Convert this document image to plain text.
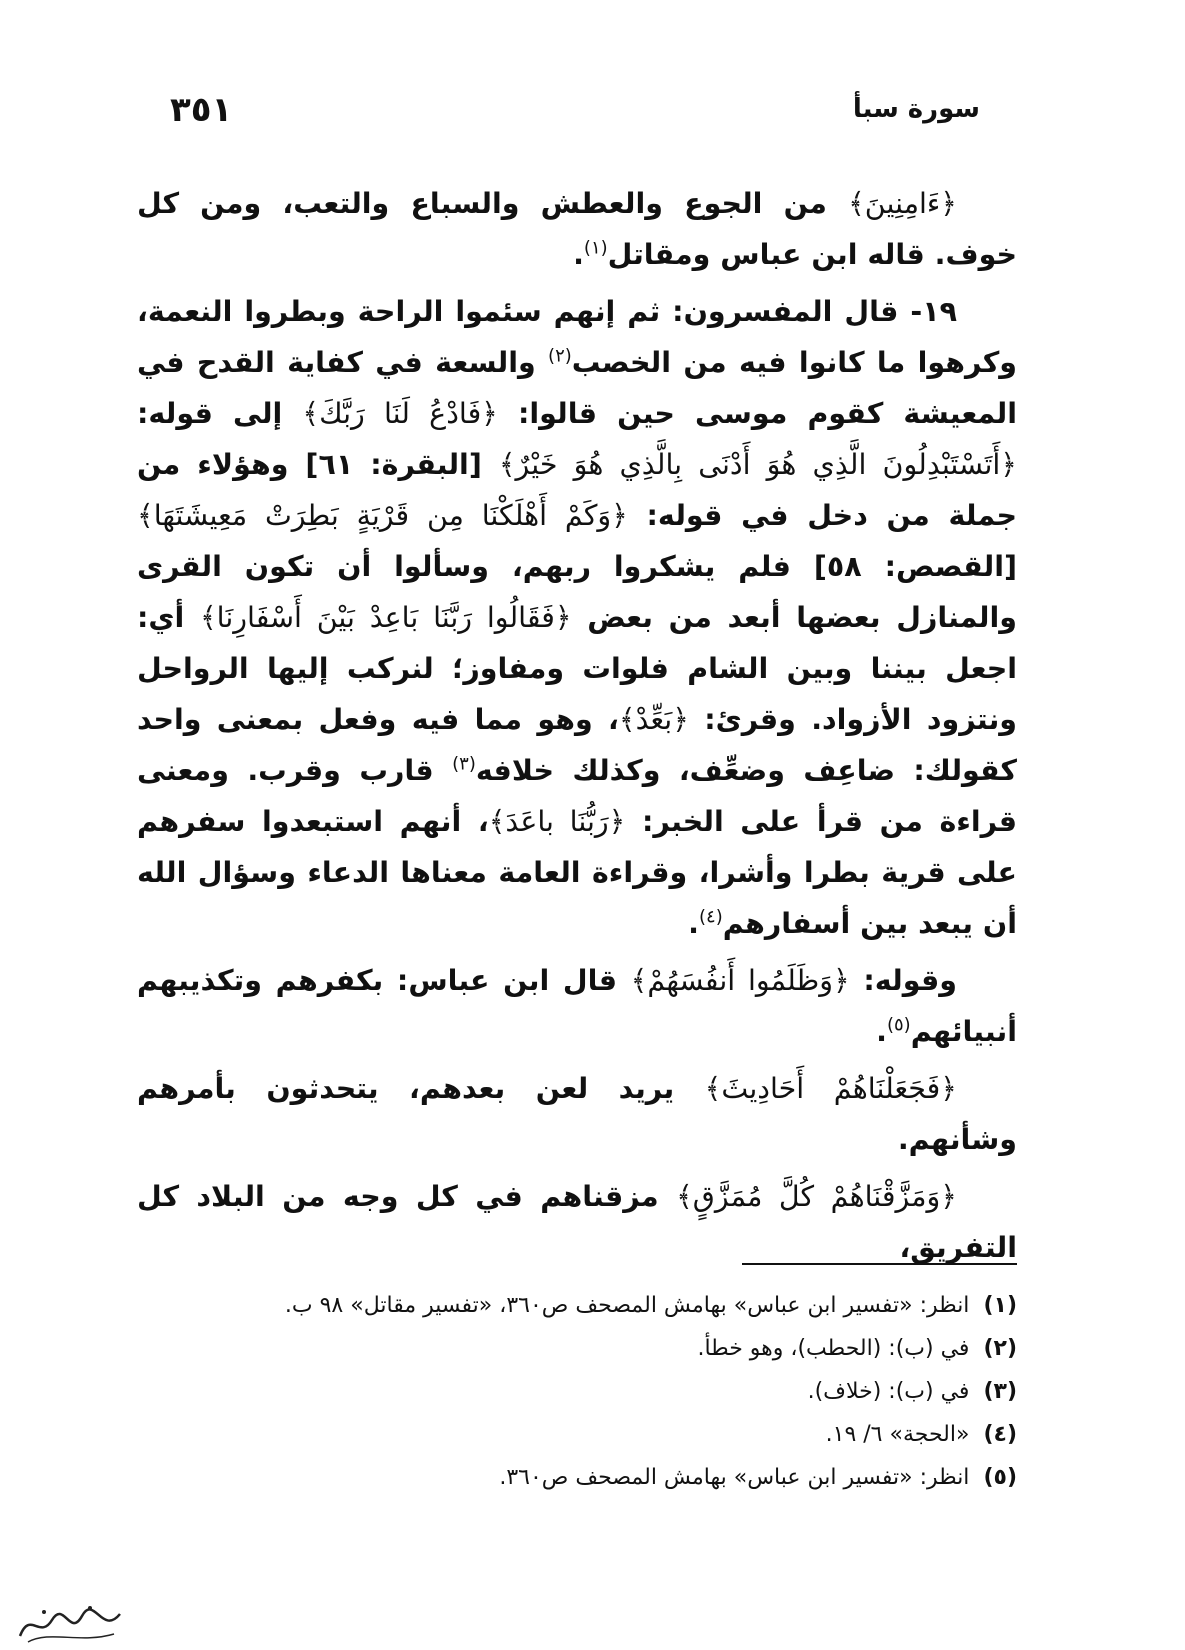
٣٥١	سورة سبأ

﴿ءَامِنِينَ﴾ من الجوع والعطش والسباع والتعب، ومن كل خوف. قاله ابن عباس ومقاتل$^{(١)}$.

١٩- قال المفسرون: ثم إنهم سئموا الراحة وبطروا النعمة، وكرهوا ما كانوا فيه من الخصب$^{(٢)}$ والسعة في كفاية القدح في المعيشة كقوم موسى حين قالوا: ﴿فَادْعُ لَنَا رَبَّكَ﴾ إلى قوله: ﴿أَتَسْتَبْدِلُونَ الَّذِي هُوَ أَدْنَى بِالَّذِي هُوَ خَيْرٌ﴾ [البقرة: ٦١] وهؤلاء من جملة من دخل في قوله: ﴿وَكَمْ أَهْلَكْنَا مِن قَرْيَةٍ بَطِرَتْ مَعِيشَتَهَا﴾ [القصص: ٥٨] فلم يشكروا ربهم، وسألوا أن تكون القرى والمنازل بعضها أبعد من بعض ﴿فَقَالُوا رَبَّنَا بَاعِدْ بَيْنَ أَسْفَارِنَا﴾ أي: اجعل بيننا وبين الشام فلوات ومفاوز؛ لنركب إليها الرواحل ونتزود الأزواد. وقرئ: ﴿بَعِّدْ﴾، وهو مما فيه وفعل بمعنى واحد كقولك: ضاعِف وضعِّف، وكذلك خلافه$^{(٣)}$ قارب وقرب. ومعنى قراءة من قرأ على الخبر: ﴿رَبُّنَا باعَدَ﴾، أنهم استبعدوا سفرهم على قرية بطرا وأشرا، وقراءة العامة معناها الدعاء وسؤال الله أن يبعد بين أسفارهم$^{(٤)}$.

وقوله: ﴿وَظَلَمُوا أَنفُسَهُمْ﴾ قال ابن عباس: بكفرهم وتكذيبهم أنبيائهم$^{(٥)}$.

﴿فَجَعَلْنَاهُمْ أَحَادِيثَ﴾ يريد لعن بعدهم، يتحدثون بأمرهم وشأنهم.

﴿وَمَزَّقْنَاهُمْ كُلَّ مُمَزَّقٍ﴾ مزقناهم في كل وجه من البلاد كل التفريق،

(١)انظر: «تفسير ابن عباس» بهامش المصحف ص٣٦٠، «تفسير مقاتل» ٩٨ ب.
(٢)في (ب): (الحطب)، وهو خطأ.
(٣)في (ب): (خلاف).
(٤)«الحجة» ٦/ ١٩.
(٥)انظر: «تفسير ابن عباس» بهامش المصحف ص٣٦٠.
